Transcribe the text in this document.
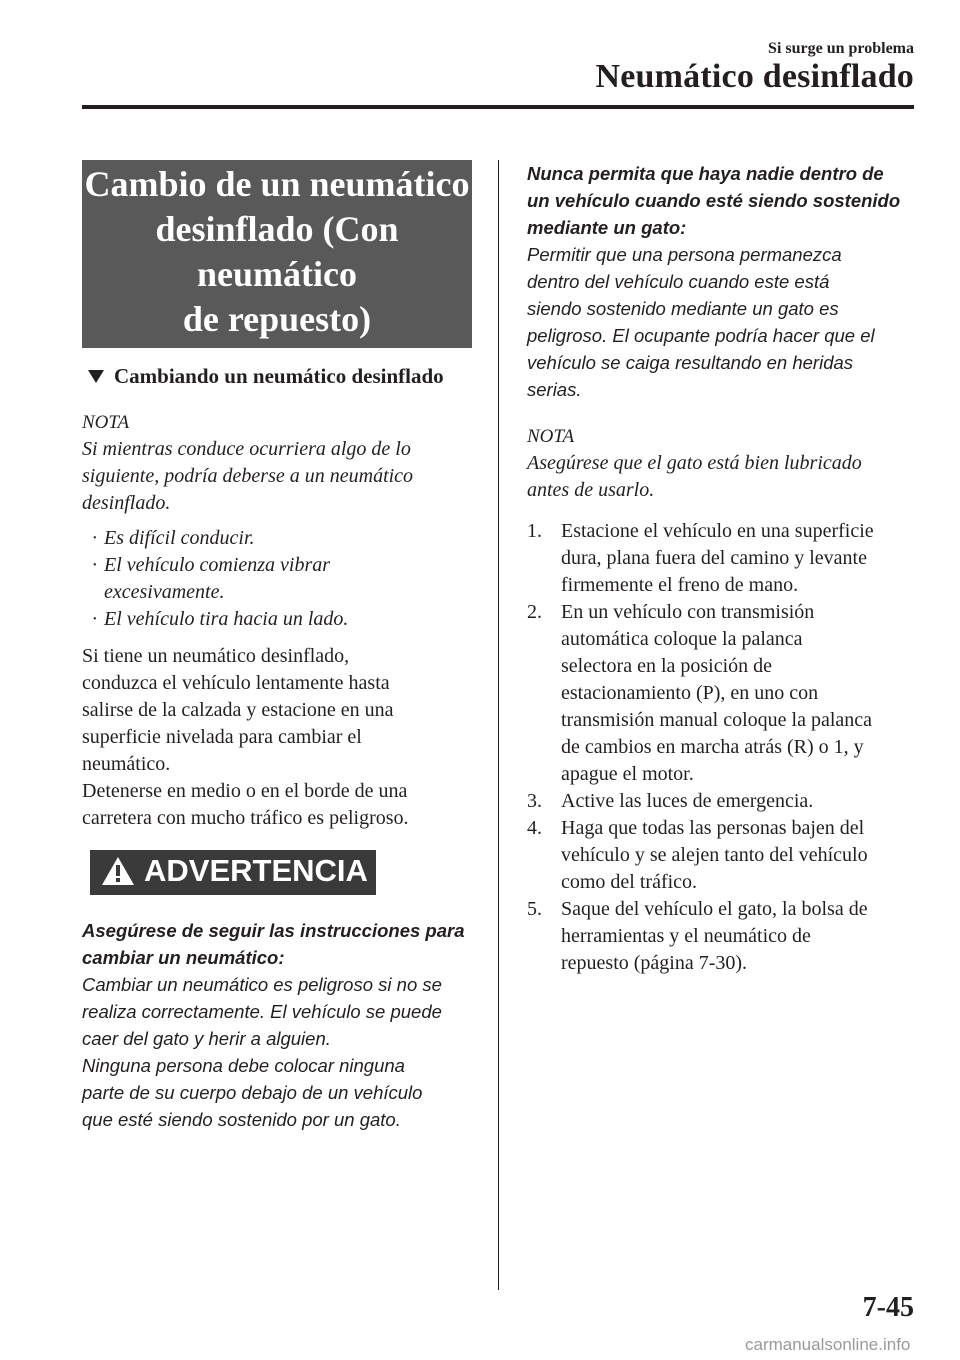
Si surge un problema
Neumático desinflado
Cambio de un neumático
desinflado (Con neumático
de repuesto)
Cambiando un neumático desinflado
NOTA
Si mientras conduce ocurriera algo de lo
siguiente, podría deberse a un neumático
desinflado.
· Es difícil conducir.
· El vehículo comienza vibrar
excesivamente.
· El vehículo tira hacia un lado.
Si tiene un neumático desinflado,
conduzca el vehículo lentamente hasta
salirse de la calzada y estacione en una
superficie nivelada para cambiar el
neumático.
Detenerse en medio o en el borde de una
carretera con mucho tráfico es peligroso.
ADVERTENCIA
Asegúrese de seguir las instrucciones para
cambiar un neumático:
Cambiar un neumático es peligroso si no se
realiza correctamente. El vehículo se puede
caer del gato y herir a alguien.
Ninguna persona debe colocar ninguna
parte de su cuerpo debajo de un vehículo
que esté siendo sostenido por un gato.
Nunca permita que haya nadie dentro de
un vehículo cuando esté siendo sostenido
mediante un gato:
Permitir que una persona permanezca
dentro del vehículo cuando este está
siendo sostenido mediante un gato es
peligroso. El ocupante podría hacer que el
vehículo se caiga resultando en heridas
serias.
NOTA
Asegúrese que el gato está bien lubricado
antes de usarlo.
1. Estacione el vehículo en una superficie
dura, plana fuera del camino y levante
firmemente el freno de mano.
2. En un vehículo con transmisión
automática coloque la palanca
selectora en la posición de
estacionamiento (P), en uno con
transmisión manual coloque la palanca
de cambios en marcha atrás (R) o 1, y
apague el motor.
3. Active las luces de emergencia.
4. Haga que todas las personas bajen del
vehículo y se alejen tanto del vehículo
como del tráfico.
5. Saque del vehículo el gato, la bolsa de
herramientas y el neumático de
repuesto (página 7-30).
7-45
carmanualsonline.info
